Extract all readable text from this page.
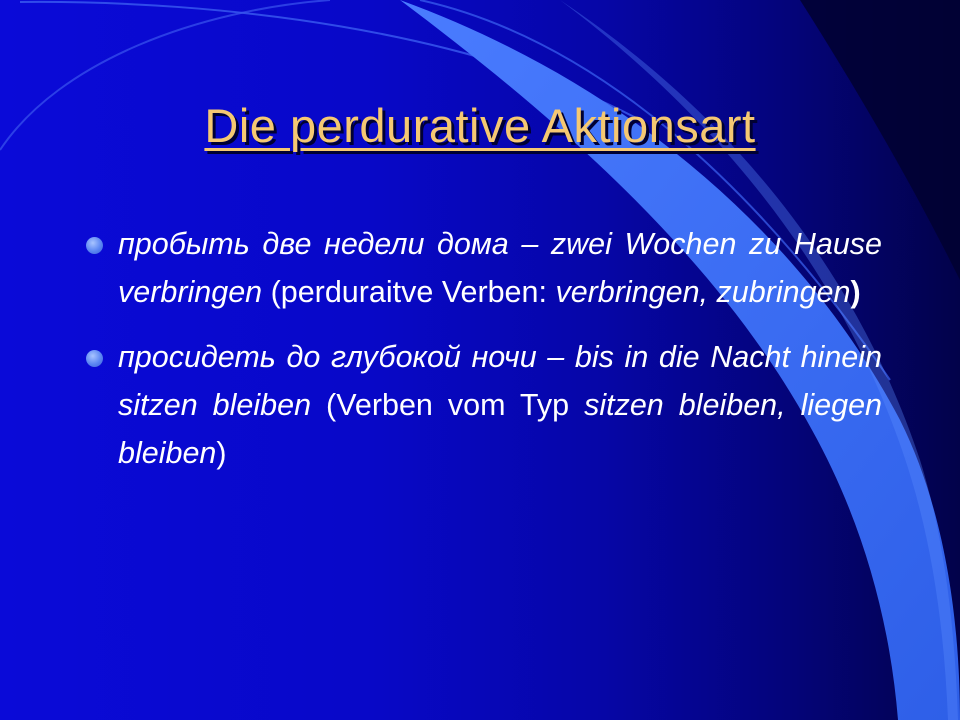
Die perdurative Aktionsart
пробыть две недели дома – zwei Wochen zu Hause verbringen (perduraitve Verben: verbringen, zubringen)
просидеть до глубокой ночи – bis in die Nacht hinein sitzen bleiben (Verben vom Typ sitzen bleiben, liegen bleiben)
